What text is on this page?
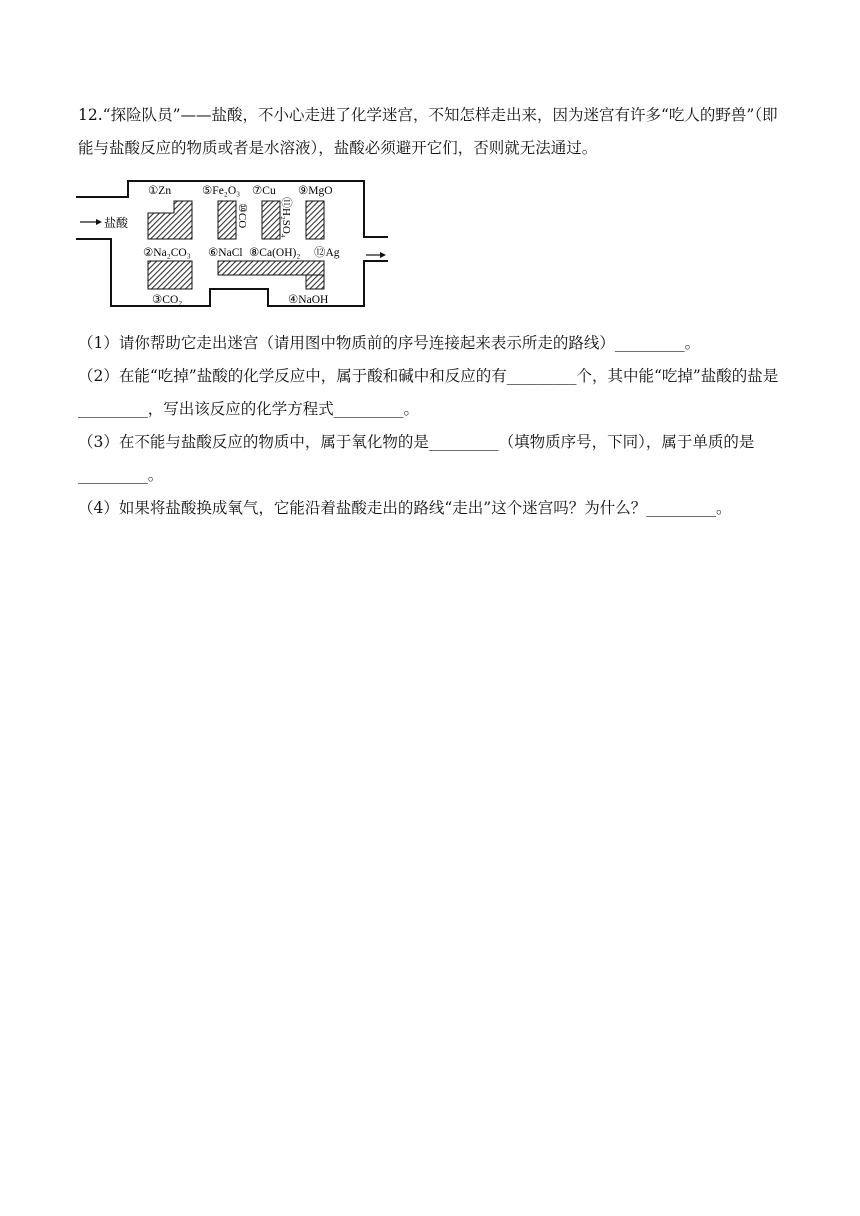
12.“探险队员”——盐酸，不小心走进了化学迷宫，不知怎样走出来，因为迷宫有许多“吃人的野兽”（即能与盐酸反应的物质或者是水溶液），盐酸必须避开它们，否则就无法通过。

盐酸
①Zn	⑤Fe₂O₃ ⑦Cu ⑨MgO
⑩CO	⑪H₂SO₄
②Na₂CO₃ ⑥NaCl ⑧Ca(OH)₂ ⑫Ag
③CO₂	④NaOH

（1）请你帮助它走出迷宫（请用图中物质前的序号连接起来表示所走的路线）_________。

（2）在能“吃掉”盐酸的化学反应中，属于酸和碱中和反应的有_________个，其中能“吃掉”盐酸的盐是_________，写出该反应的化学方程式_________。

（3）在不能与盐酸反应的物质中，属于氧化物的是_________（填物质序号，下同），属于单质的是_________。

（4）如果将盐酸换成氧气，它能沿着盐酸走出的路线“走出”这个迷宫吗？为什么？_________。
